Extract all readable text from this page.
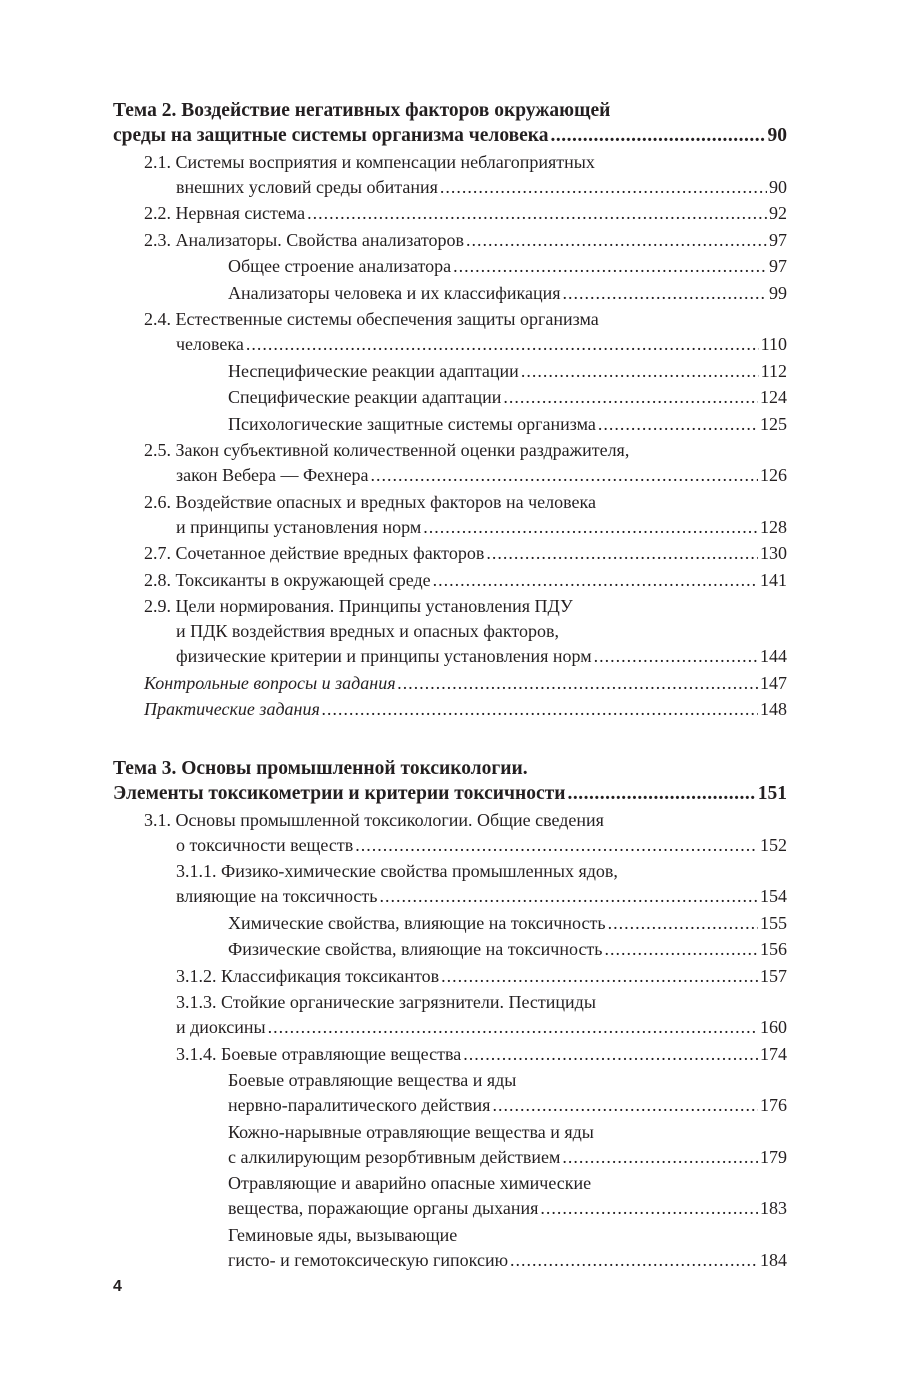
Тема 2. Воздействие негативных факторов окружающей
среды на защитные системы организма человека .....	90
2.1. Системы восприятия и компенсации неблагоприятных
внешних условий среды обитания .....	90
2.2. Нервная система .....	92
2.3. Анализаторы. Свойства анализаторов .....	97
Общее строение анализатора .....	97
Анализаторы человека и их классификация .....	99
2.4. Естественные системы обеспечения защиты организма
человека .....	110
Неспецифические реакции адаптации .....	112
Специфические реакции адаптации .....	124
Психологические защитные системы организма .....	125
2.5. Закон субъективной количественной оценки раздражителя,
закон Вебера — Фехнера .....	126
2.6. Воздействие опасных и вредных факторов на человека
и принципы установления норм .....	128
2.7. Сочетанное действие вредных факторов .....	130
2.8. Токсиканты в окружающей среде .....	141
2.9. Цели нормирования. Принципы установления ПДУ
и ПДК воздействия вредных и опасных факторов,
физические критерии и принципы установления норм .....	144
Контрольные вопросы и задания .....	147
Практические задания .....	148
Тема 3. Основы промышленной токсикологии.
Элементы токсикометрии и критерии токсичности .....	151
3.1. Основы промышленной токсикологии. Общие сведения
о токсичности веществ .....	152
3.1.1. Физико-химические свойства промышленных ядов,
влияющие на токсичность .....	154
Химические свойства, влияющие на токсичность .....	155
Физические свойства, влияющие на токсичность .....	156
3.1.2. Классификация токсикантов .....	157
3.1.3. Стойкие органические загрязнители. Пестициды
и диоксины .....	160
3.1.4. Боевые отравляющие вещества .....	174
Боевые отравляющие вещества и яды
нервно-паралитического действия .....	176
Кожно-нарывные отравляющие вещества и яды
с алкилирующим резорбтивным действием .....	179
Отравляющие и аварийно опасные химические
вещества, поражающие органы дыхания .....	183
Геминовые яды, вызывающие
гисто- и гемотоксическую гипоксию .....	184
4
